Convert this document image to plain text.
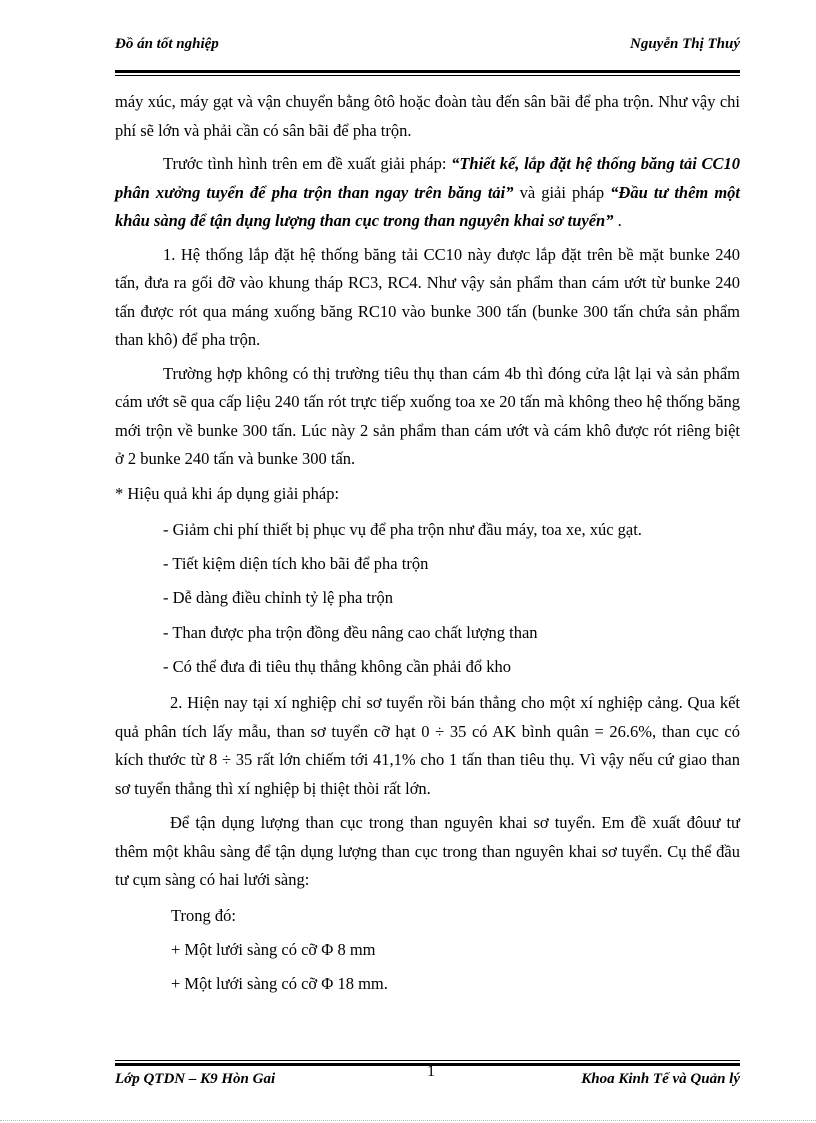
Đồ án tốt nghiệp	Nguyễn Thị Thuý

máy xúc, máy gạt và vận chuyển bằng ôtô hoặc đoàn tàu đến sân bãi để pha trộn. Như vậy chi phí sẽ lớn và phải cần có sân bãi để pha trộn.

Trước tình hình trên em đề xuất giải pháp: “Thiết kế, lắp đặt hệ thống băng tải CC10 phân xưởng tuyển để pha trộn than ngay trên băng tải” và giải pháp “Đầu tư thêm một khâu sàng để tận dụng lượng than cục trong than nguyên khai sơ tuyển” .

1. Hệ thống lắp đặt hệ thống băng tải CC10 này được lắp đặt trên bề mặt bunke 240 tấn, đưa ra gối đỡ vào khung tháp RC3, RC4. Như vậy sản phẩm than cám ướt từ bunke 240 tấn được rót qua máng xuống băng RC10 vào bunke 300 tấn (bunke 300 tấn chứa sản phẩm than khô) để pha trộn.

Trường hợp không có thị trường tiêu thụ than cám 4b thì đóng cửa lật lại và sản phẩm cám ướt sẽ qua cấp liệu 240 tấn rót trực tiếp xuống toa xe 20 tấn mà không theo hệ thống băng mới trộn về bunke 300 tấn. Lúc này 2 sản phẩm than cám ướt và cám khô được rót riêng biệt ở 2 bunke 240 tấn và bunke 300 tấn.

* Hiệu quả khi áp dụng giải pháp:

- Giảm chi phí thiết bị phục vụ để pha trộn như đầu máy, toa xe, xúc gạt.
- Tiết kiệm diện tích kho bãi để pha trộn
- Dễ dàng điều chỉnh tỷ lệ pha trộn
- Than được pha trộn đồng đều nâng cao chất lượng than
- Có thể đưa đi tiêu thụ thẳng không cần phải đổ kho

2. Hiện nay tại xí nghiệp chỉ sơ tuyển rồi bán thẳng cho một xí nghiệp cảng. Qua kết quả phân tích lấy mẫu, than sơ tuyển cỡ hạt 0 ÷ 35 có AK bình quân = 26.6%, than cục có kích thước từ 8 ÷ 35 rất lớn chiếm tới 41,1% cho 1 tấn than tiêu thụ. Vì vậy nếu cứ giao than sơ tuyển thẳng thì xí nghiệp bị thiệt thòi rất lớn.

Để tận dụng lượng than cục trong than nguyên khai sơ tuyển. Em đề xuất đôuư tư thêm một khâu sàng để tận dụng lượng than cục trong than nguyên khai sơ tuyển. Cụ thể đầu tư cụm sàng có hai lưới sàng:

Trong đó:
+ Một lưới sàng có cỡ Φ 8 mm
+ Một lưới sàng có cỡ Φ 18 mm.
1
Lớp QTDN – K9 Hòn Gai	Khoa Kinh Tế và Quản lý
